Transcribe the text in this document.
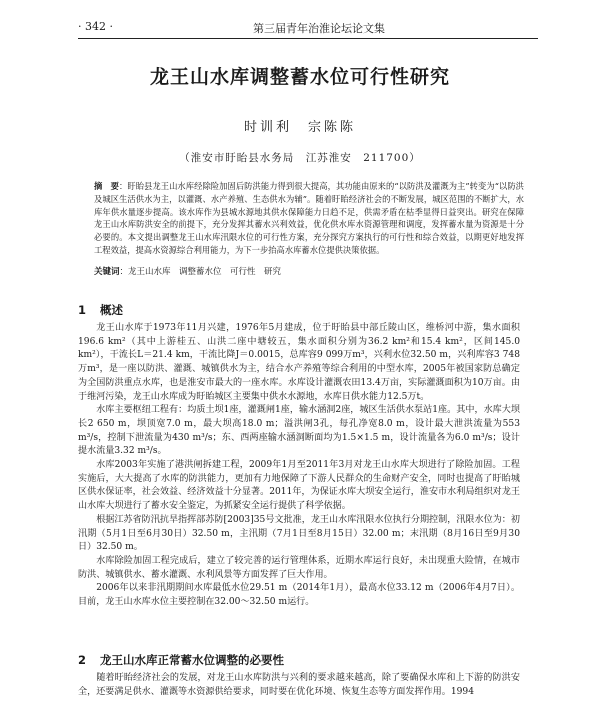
· 342 ·	第三届青年治淮论坛论文集
龙王山水库调整蓄水位可行性研究
时训利　宗陈陈
（淮安市盱眙县水务局　江苏淮安　211700）
摘　要：盱眙县龙王山水库经除险加固后防洪能力得到很大提高，其功能由原来的“以防洪及灌溉为主”转变为“以防洪及城区生活供水为主，以灌溉、水产养殖、生态供水为辅”。随着盱眙经济社会的不断发展，城区范围的不断扩大，水库年供水量逐步提高。该水库作为县城水源地其供水保障能力日趋不足，供需矛盾在枯季显得日益突出。研究在保障龙王山水库防洪安全的前提下，充分发挥其蓄水兴利效益，优化供水库水资源管理和调度，发挥蓄水量为资源是十分必要的。本文提出调整龙王山水库汛限水位的可行性方案，充分探究方案执行的可行性和综合效益，以期更好地发挥工程效益，提高水资源综合利用能力，为下一步抬高水库蓄水位提供决策依据。
关键词：龙王山水库　调整蓄水位　可行性　研究
1 概述

龙王山水库于1973年11月兴建，1976年5月建成，位于盱眙县中部丘陵山区，维桥河中游，集水面积196.6 km²（其中上游桂五、山洪二座中塘较五，集水面积分别为36.2 km²和15.4 km²，区间145.0 km²），干流长L＝21.4 km，干流比降J＝0.0015，总库容9 099万m³，兴利水位32.50 m，兴利库容3 748万m³，是一座以防洪、灌溉、城镇供水为主，结合水产养殖等综合利用的中型水库，2005年被国家防总确定为全国防洪重点水库，也是淮安市最大的一座水库。水库设计灌溉农田13.4万亩，实际灌溉面积为10万亩。由于维河污染，龙王山水库成为盱眙城区主要集中供水水源地，水库日供水能力12.5万t。

水库主要枢纽工程有：均质土坝1座，灌溉闸1座，输水涵洞2座，城区生活供水泵站1座。其中，水库大坝长2 650 m，坝顶宽7.0 m，最大坝高18.0 m；溢洪闸3孔，每孔净宽8.0 m，设计最大泄洪流量为553 m³/s，控制下泄流量为430 m³/s；东、西两座输水涵洞断面均为1.5×1.5 m，设计流量各为6.0 m³/s；设计提水流量3.32 m³/s。

水库2003年实施了港洪闸拆建工程，2009年1月至2011年3月对龙王山水库大坝进行了除险加固。工程实施后，大大提高了水库的防洪能力，更加有力地保障了下游人民群众的生命财产安全，同时也提高了盱眙城区供水保证率，社会效益、经济效益十分显著。2011年，为保证水库大坝安全运行，淮安市水利局组织对龙王山水库大坝进行了蓄水安全鉴定，为抓紧安全运行提供了科学依据。

根据江苏省防汛抗旱指挥部苏防[2003]35号文批准，龙王山水库汛限水位执行分期控制，汛限水位为：初汛期（5月1日至6月30日）32.50 m，主汛期（7月1日至8月15日）32.00 m；末汛期（8月16日至9月30日）32.50 m。

水库除险加固工程完成后，建立了较完善的运行管理体系，近期水库运行良好，未出现重大险情，在城市防洪、城镇供水、蓄水灌溉、水利风景等方面发挥了巨大作用。

2006年以来非汛期期间水库最低水位29.51 m（2014年1月），最高水位33.12 m（2006年4月7日）。目前，龙王山水库水位主要控制在32.00～32.50 m运行。

2 龙王山水库正常蓄水位调整的必要性

随着盱眙经济社会的发展，对龙王山水库防洪与兴利的要求越来越高，除了要确保水库和上下游的防洪安全，还要满足供水、灌溉等水资源供给要求，同时要在优化环境、恢复生态等方面发挥作用。1994
